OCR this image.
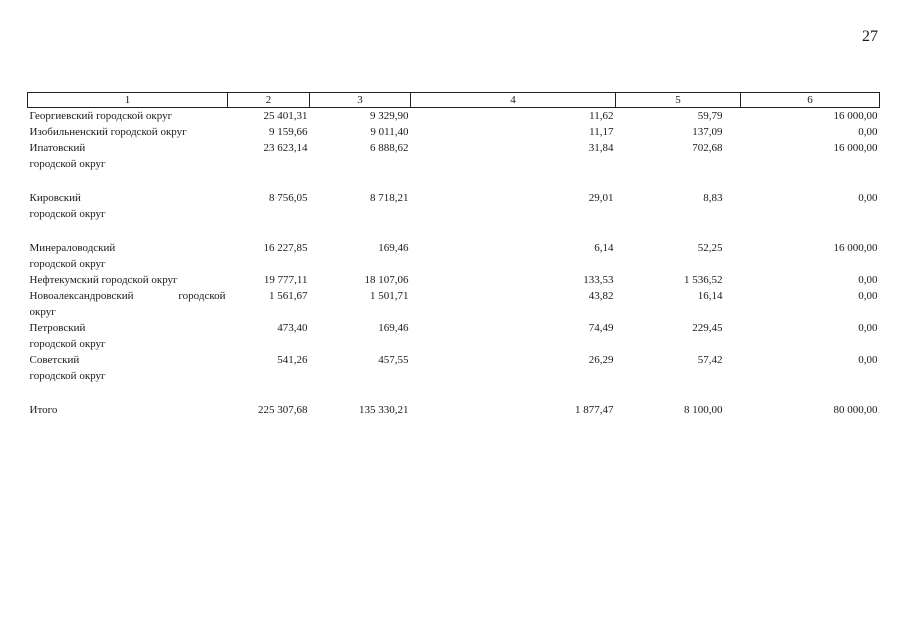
27
1	2	3	4	5	6
Георгиевский городской округ	25 401,31	9 329,90	11,62	59,79	16 000,00
Изобильненский городской округ	9 159,66	9 011,40	11,17	137,09	0,00
Ипатовский
городской округ	23 623,14	6 888,62	31,84	702,68	16 000,00

Кировский
городской округ	8 756,05	8 718,21	29,01	8,83	0,00

Минераловодский
городской округ	16 227,85	169,46	6,14	52,25	16 000,00
Нефтекумский городской округ	19 777,11	18 107,06	133,53	1 536,52	0,00

Новоалександровский городской
округ	1 561,67	1 501,71	43,82	16,14	0,00
Петровский
городской округ	473,40	169,46	74,49	229,45	0,00
Советский
городской округ	541,26	457,55	26,29	57,42	0,00

Итого	225 307,68	135 330,21	1 877,47	8 100,00	80 000,00
